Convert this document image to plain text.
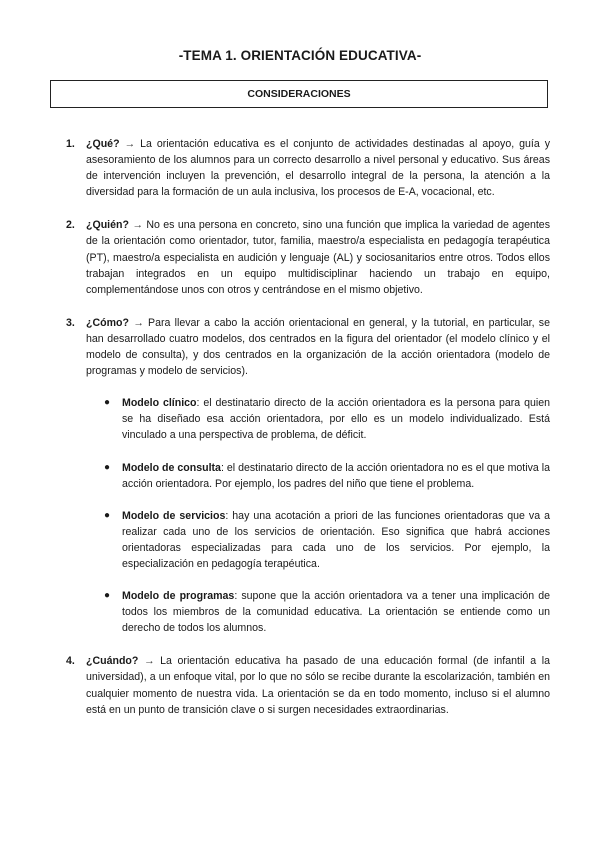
-TEMA 1. ORIENTACIÓN EDUCATIVA-
CONSIDERACIONES
1. ¿Qué? → La orientación educativa es el conjunto de actividades destinadas al apoyo, guía y asesoramiento de los alumnos para un correcto desarrollo a nivel personal y educativo. Sus áreas de intervención incluyen la prevención, el desarrollo integral de la persona, la atención a la diversidad para la formación de un aula inclusiva, los procesos de E-A, vocacional, etc.
2. ¿Quién? → No es una persona en concreto, sino una función que implica la variedad de agentes de la orientación como orientador, tutor, familia, maestro/a especialista en pedagogía terapéutica (PT), maestro/a especialista en audición y lenguaje (AL) y sociosanitarios entre otros. Todos ellos trabajan integrados en un equipo multidisciplinar haciendo un trabajo en equipo, complementándose unos con otros y centrándose en el mismo objetivo.
3. ¿Cómo? → Para llevar a cabo la acción orientacional en general, y la tutorial, en particular, se han desarrollado cuatro modelos, dos centrados en la figura del orientador (el modelo clínico y el modelo de consulta), y dos centrados en la organización de la acción orientadora (modelo de programas y modelo de servicios).
● Modelo clínico: el destinatario directo de la acción orientadora es la persona para quien se ha diseñado esa acción orientadora, por ello es un modelo individualizado. Está vinculado a una perspectiva de problema, de déficit.
● Modelo de consulta: el destinatario directo de la acción orientadora no es el que motiva la acción orientadora. Por ejemplo, los padres del niño que tiene el problema.
● Modelo de servicios: hay una acotación a priori de las funciones orientadoras que va a realizar cada uno de los servicios de orientación. Eso significa que habrá acciones orientadoras especializadas para cada uno de los servicios. Por ejemplo, la especialización en pedagogía terapéutica.
● Modelo de programas: supone que la acción orientadora va a tener una implicación de todos los miembros de la comunidad educativa. La orientación se entiende como un derecho de todos los alumnos.
4. ¿Cuándo? → La orientación educativa ha pasado de una educación formal (de infantil a la universidad), a un enfoque vital, por lo que no sólo se recibe durante la escolarización, también en cualquier momento de nuestra vida. La orientación se da en todo momento, incluso si el alumno está en un punto de transición clave o si surgen necesidades extraordinarias.
